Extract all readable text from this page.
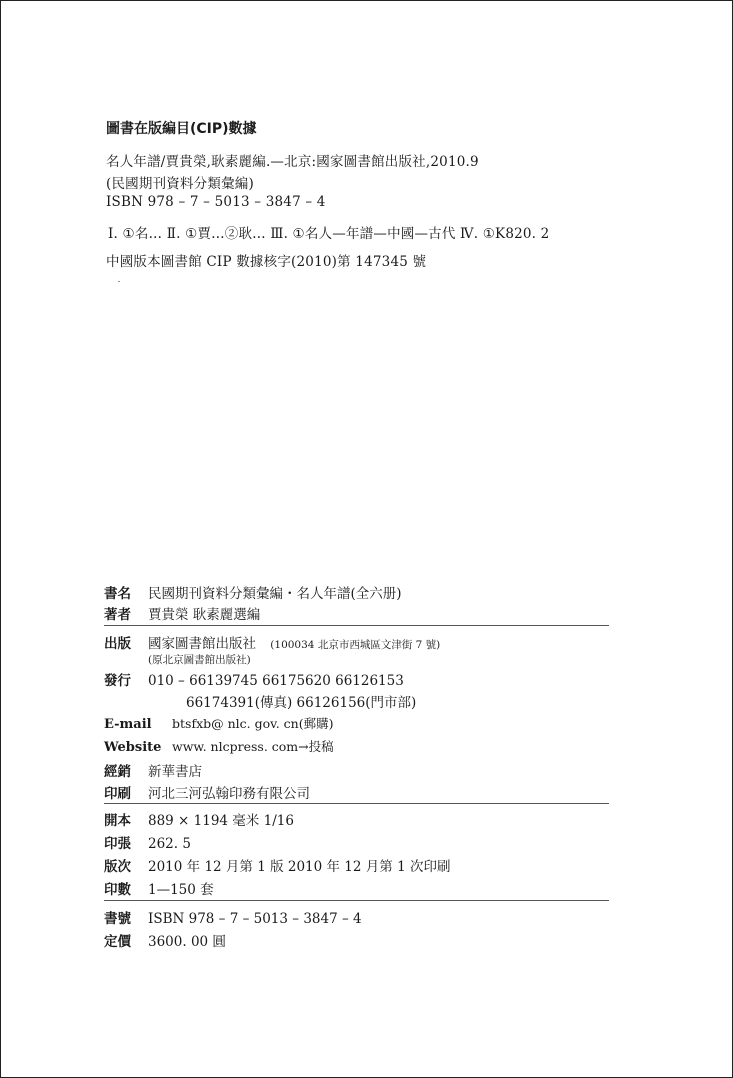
圖書在版編目(CIP)數據
名人年譜/賈貴榮,耿素麗編.—北京:國家圖書館出版社,2010.9
(民國期刊資料分類彙編)
ISBN 978 – 7 – 5013 – 3847 – 4
Ⅰ. ①名… Ⅱ. ①賈…②耿… Ⅲ. ①名人—年譜—中國—古代 Ⅳ. ①K820. 2
中國版本圖書館 CIP 數據核字(2010)第 147345 號
書名 民國期刊資料分類彙編・名人年譜(全六册)
著者 賈貴榮 耿素麗選編
出版 國家圖書館出版社 (100034 北京市西城區文津街 7 號)
(原北京圖書館出版社)
發行 010 – 66139745 66175620 66126153
66174391(傳真) 66126156(門市部)
E-mail btsfxb@ nlc. gov. cn(郵購)
Website www. nlcpress. com→投稿
經銷 新華書店
印刷 河北三河弘翰印務有限公司
開本 889 × 1194 毫米 1/16
印張 262. 5
版次 2010 年 12 月第 1 版 2010 年 12 月第 1 次印刷
印數 1—150 套
書號 ISBN 978 – 7 – 5013 – 3847 – 4
定價 3600. 00 圓
